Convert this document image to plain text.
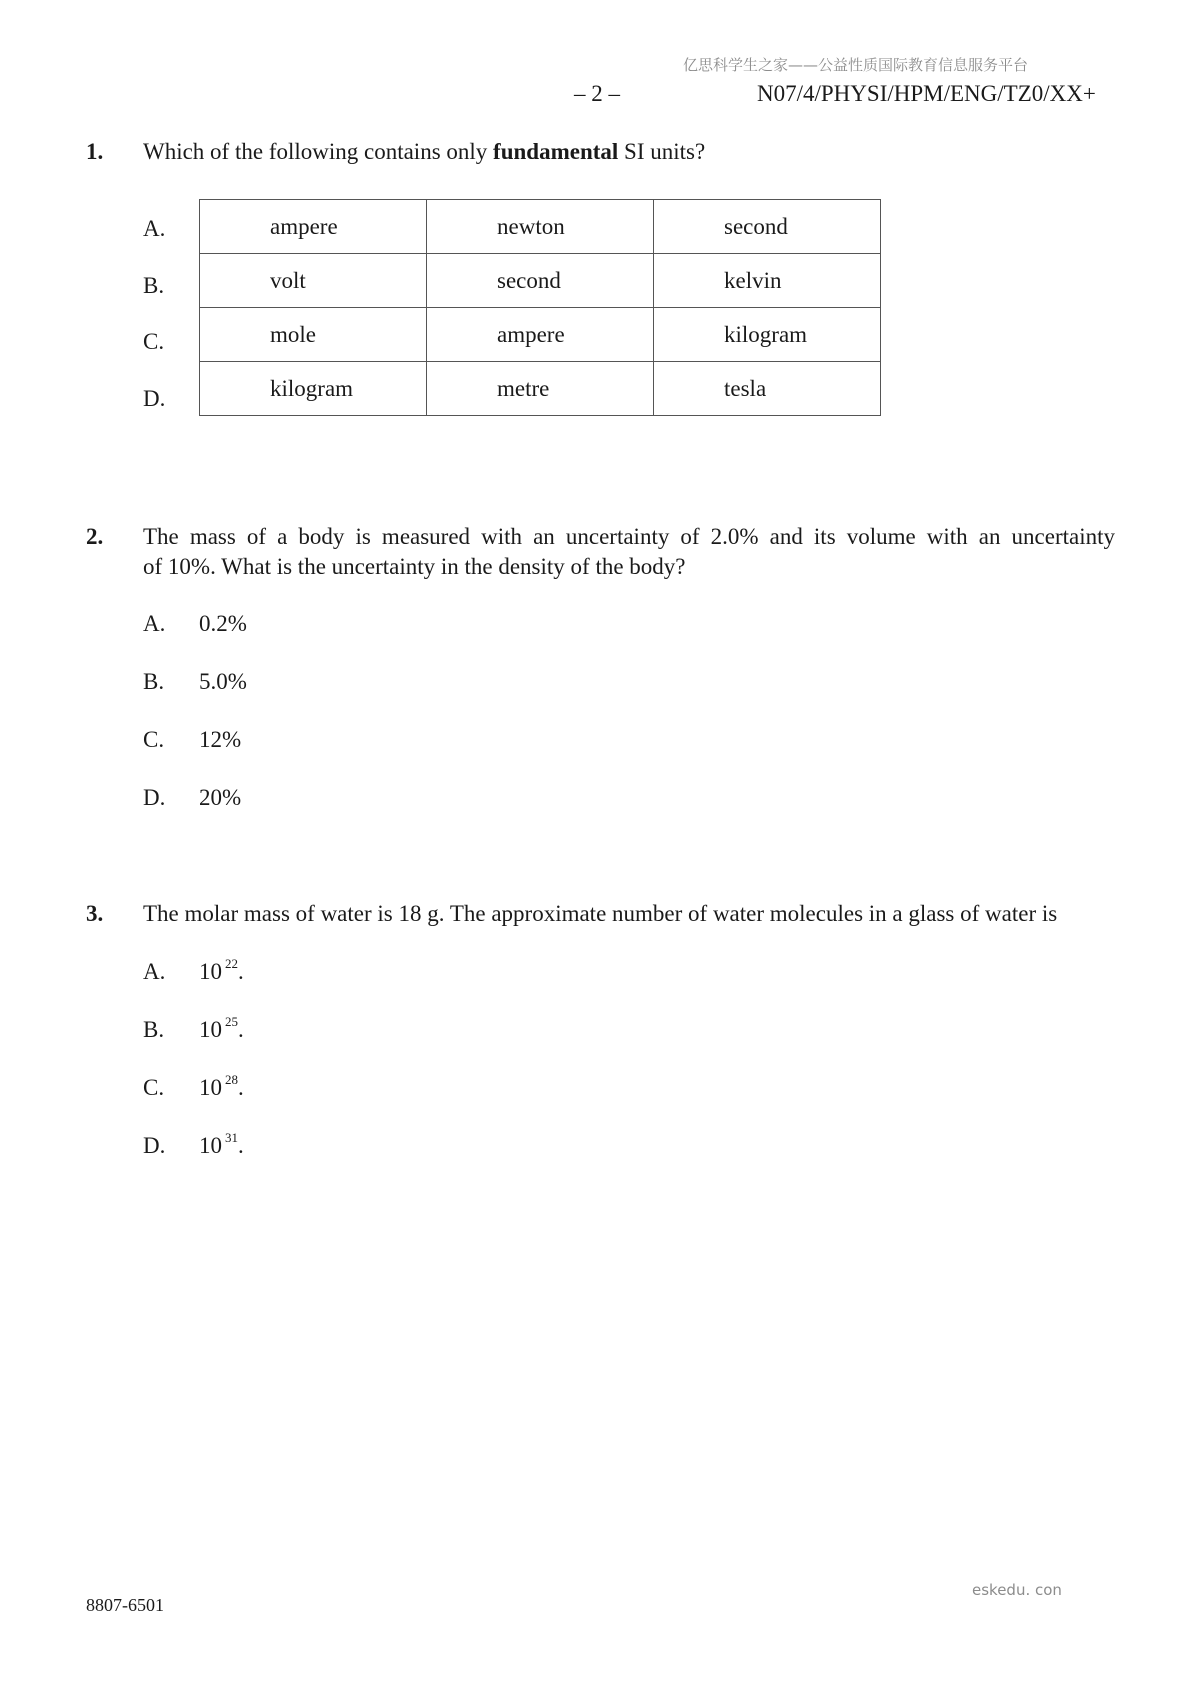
亿思科学生之家——公益性质国际教育信息服务平台
– 2 –	N07/4/PHYSI/HPM/ENG/TZ0/XX+
1. Which of the following contains only fundamental SI units?
A.
B.
C.
D.
ampere	newton	second
volt	second	kelvin
mole	ampere	kilogram
kilogram	metre	tesla
2. The mass of a body is measured with an uncertainty of 2.0% and its volume with an uncertainty
of 10%. What is the uncertainty in the density of the body?
A. 0.2%
B. 5.0%
C. 12%
D. 20%
3. The molar mass of water is 18 g. The approximate number of water molecules in a glass of water is
A. 10 $^{22}$.
B. 10 $^{25}$.
C. 10 $^{28}$.
D. 10 $^{31}$.
eskedu. con
8807-6501
